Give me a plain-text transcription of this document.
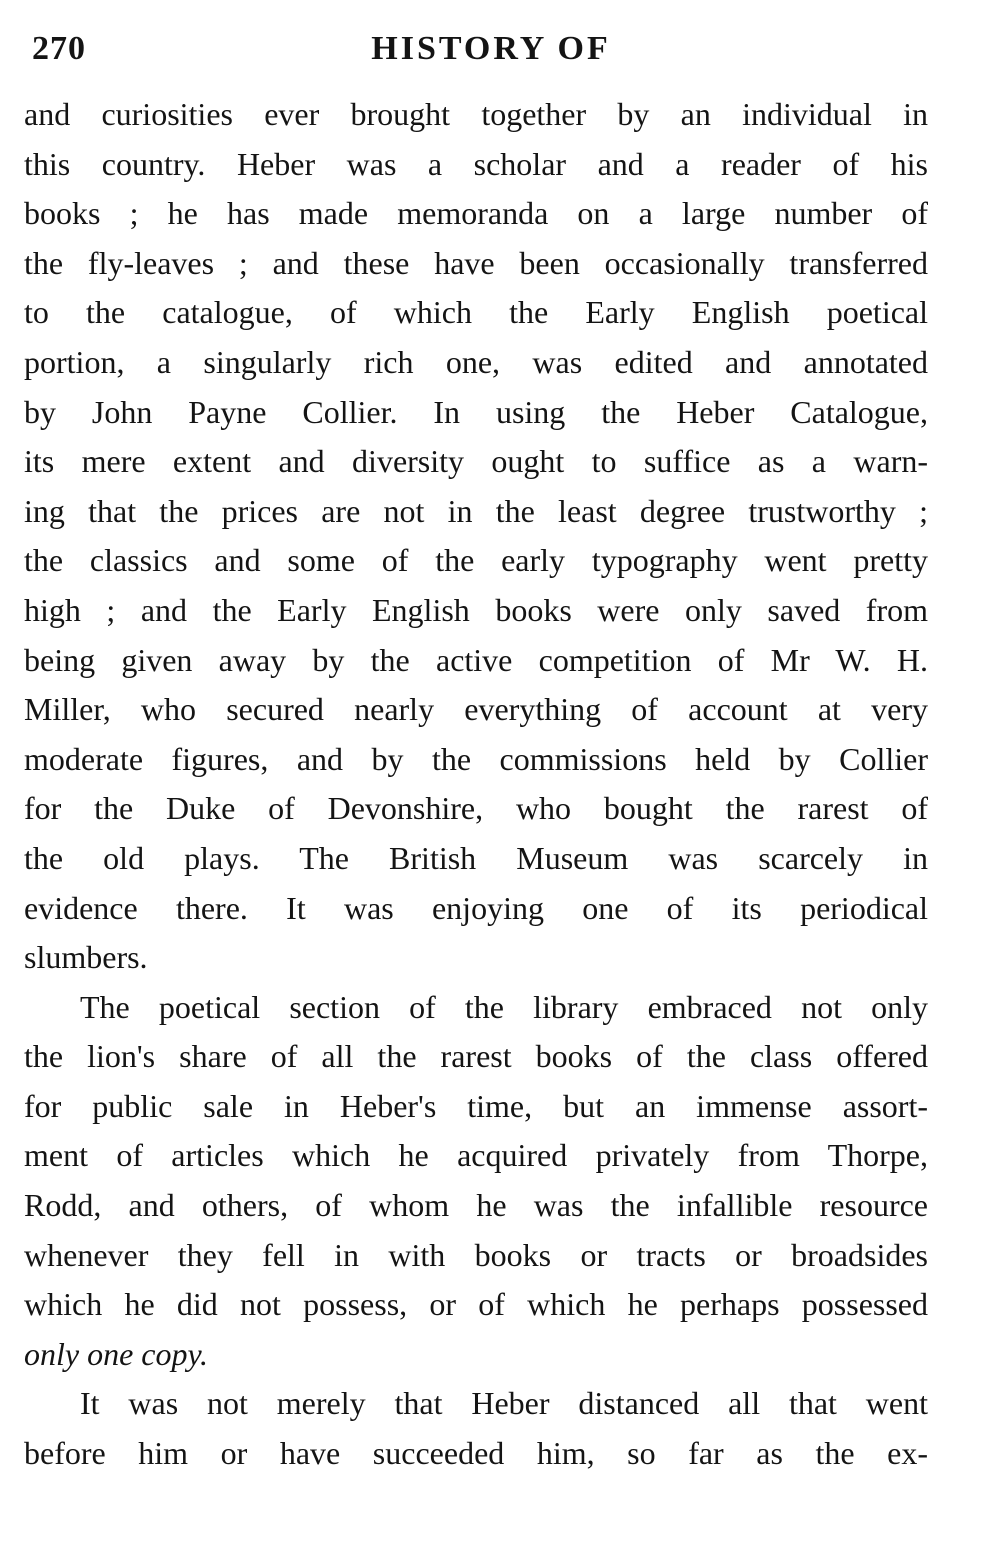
270	HISTORY OF
and curiosities ever brought together by an individual in
this country. Heber was a scholar and a reader of his
books ; he has made memoranda on a large number of
the fly-leaves ; and these have been occasionally transferred
to the catalogue, of which the Early English poetical
portion, a singularly rich one, was edited and annotated
by John Payne Collier. In using the Heber Catalogue,
its mere extent and diversity ought to suffice as a warn-
ing that the prices are not in the least degree trustworthy ;
the classics and some of the early typography went pretty
high ; and the Early English books were only saved from
being given away by the active competition of Mr W. H.
Miller, who secured nearly everything of account at very
moderate figures, and by the commissions held by Collier
for the Duke of Devonshire, who bought the rarest of
the old plays. The British Museum was scarcely in
evidence there. It was enjoying one of its periodical
slumbers.
The poetical section of the library embraced not only
the lion's share of all the rarest books of the class offered
for public sale in Heber's time, but an immense assort-
ment of articles which he acquired privately from Thorpe,
Rodd, and others, of whom he was the infallible resource
whenever they fell in with books or tracts or broadsides
which he did not possess, or of which he perhaps possessed
only one copy.
It was not merely that Heber distanced all that went
before him or have succeeded him, so far as the ex-
